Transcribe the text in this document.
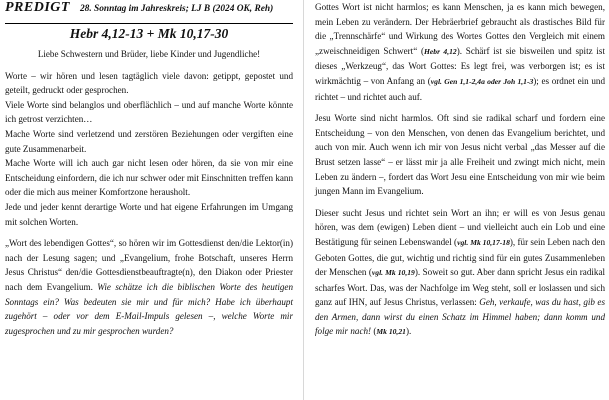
PREDIGT 28. Sonntag im Jahreskreis; LJ B (2024 OK, Reh)
Hebr 4,12-13 + Mk 10,17-30

Liebe Schwestern und Brüder, liebe Kinder und Jugendliche!

Worte – wir hören und lesen tagtäglich viele davon: getippt, gepostet und geteilt, gedruckt oder gesprochen.

Viele Worte sind belanglos und oberflächlich – und auf manche Worte könnte ich getrost verzichten…

Mache Worte sind verletzend und zerstören Beziehungen oder vergiften eine gute Zusammenarbeit.

Mache Worte will ich auch gar nicht lesen oder hören, da sie von mir eine Entscheidung einfordern, die ich nur schwer oder mit Einschnitten treffen kann oder die mich aus meiner Komfortzone herausholt.

Jede und jeder kennt derartige Worte und hat eigene Erfahrungen im Umgang mit solchen Worten.

„Wort des lebendigen Gottes“, so hören wir im Gottesdienst den/die Lektor(in) nach der Lesung sagen; und „Evangelium, frohe Botschaft, unseres Herrn Jesus Christus“ den/die Gottesdienstbeauftragte(n), den Diakon oder Priester nach dem Evangelium. Wie schätze ich die biblischen Worte des heutigen Sonntags ein? Was bedeuten sie mir und für mich? Habe ich überhaupt zugehört – oder vor dem E-Mail-Impuls gelesen –, welche Worte mir zugesprochen und zu mir gesprochen wurden?

Gottes Wort ist nicht harmlos; es kann Menschen, ja es kann mich bewegen, mein Leben zu verändern. Der Hebräerbrief gebraucht als drastisches Bild für die „Trennschärfe“ und Wirkung des Wortes Gottes den Vergleich mit einem „zweischneidigen Schwert“ (Hebr 4,12). Schärf ist sie bisweilen und spitz ist dieses „Werkzeug“, das Wort Gottes: Es legt frei, was verborgen ist; es ist wirkmächtig – von Anfang an (vgl. Gen 1,1-2,4a oder Joh 1,1-3); es ordnet ein und richtet – und richtet auch auf.

Jesu Worte sind nicht harmlos. Oft sind sie radikal scharf und fordern eine Entscheidung – von den Menschen, von denen das Evangelium berichtet, und auch von mir. Auch wenn ich mir von Jesus nicht verbal „das Messer auf die Brust setzen lasse“ – er lässt mir ja alle Freiheit und zwingt mich nicht, mein Leben zu ändern –, fordert das Wort Jesu eine Entscheidung von mir wie beim jungen Mann im Evangelium.

Dieser sucht Jesus und richtet sein Wort an ihn; er will es von Jesus genau hören, was dem (ewigen) Leben dient – und vielleicht auch ein Lob und eine Bestätigung für seinen Lebenswandel (vgl. Mk 10,17-18), für sein Leben nach den Geboten Gottes, die gut, wichtig und richtig sind für ein gutes Zusammenleben der Menschen (vgl. Mk 10,19). Soweit so gut. Aber dann spricht Jesus ein radikal scharfes Wort. Das, was der Nachfolge im Weg steht, soll er loslassen und sich ganz auf IHN, auf Jesus Christus, verlassen: Geh, verkaufe, was du hast, gib es den Armen, dann wirst du einen Schatz im Himmel haben; dann komm und folge mir nach! (Mk 10,21).
